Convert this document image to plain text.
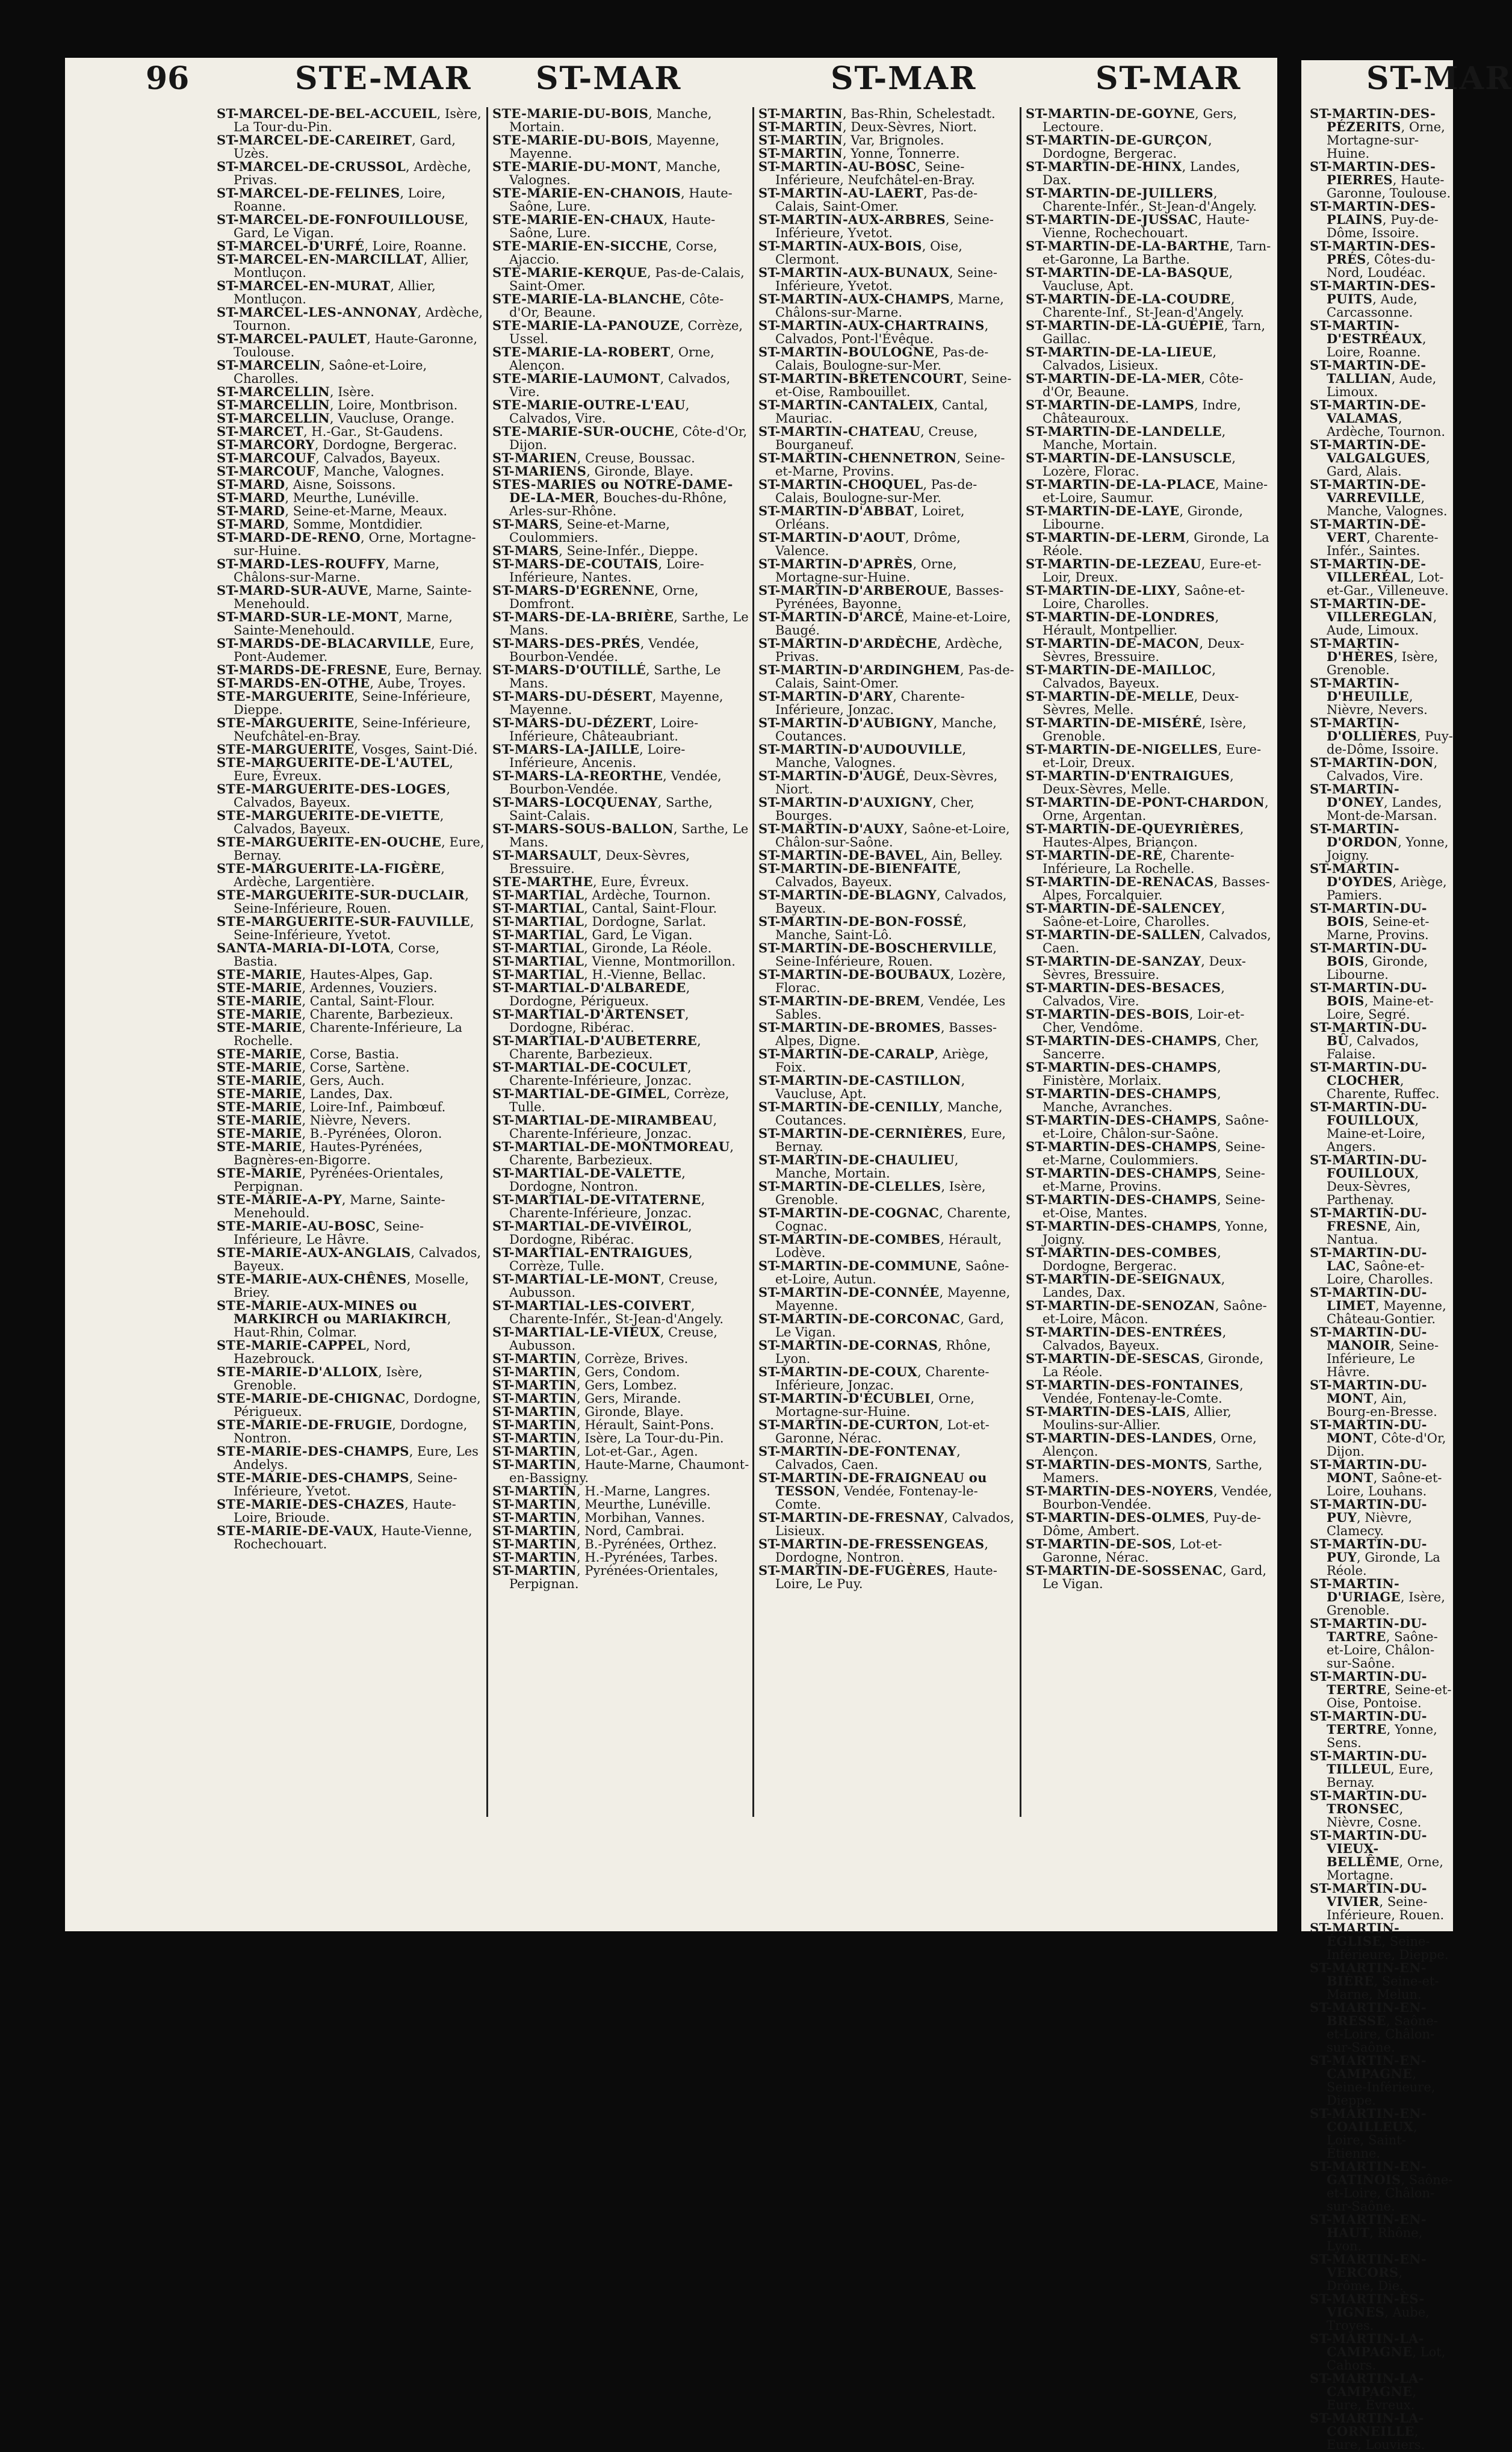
96	STE-MAR ST-MAR	ST-MAR	ST-MAR	ST-MAR

ST-MARCEL-DE-BEL-ACCUEIL, Isère, La Tour-du-Pin.

ST-MARCEL-DE-CAREIRET, Gard, Uzès.

ST-MARCEL-DE-CRUSSOL, Ardèche, Privas.

ST-MARCEL-DE-FELINES, Loire, Roanne.

ST-MARCEL-DE-FONFOUILLOUSE, Gard, Le Vigan.

ST-MARCEL-D'URFÉ, Loire, Roanne.

ST-MARCEL-EN-MARCILLAT, Allier, Montluçon.

ST-MARCEL-EN-MURAT, Allier, Montluçon.

ST-MARCEL-LES-ANNONAY, Ardèche, Tournon.

ST-MARCEL-PAULET, Haute-Garonne, Toulouse.

ST-MARCELIN, Saône-et-Loire, Charolles.

ST-MARCELLIN, Isère.

ST-MARCELLIN, Loire, Montbrison.

ST-MARCELLIN, Vaucluse, Orange.

ST-MARCET, H.-Gar., St-Gaudens.

ST-MARCORY, Dordogne, Bergerac.

ST-MARCOUF, Calvados, Bayeux.

ST-MARCOUF, Manche, Valognes.

ST-MARD, Aisne, Soissons.

ST-MARD, Meurthe, Lunéville.

ST-MARD, Seine-et-Marne, Meaux.

ST-MARD, Somme, Montdidier.

ST-MARD-DE-RENO, Orne, Mortagne-sur-Huine.

ST-MARD-LES-ROUFFY, Marne, Châlons-sur-Marne.

ST-MARD-SUR-AUVE, Marne, Sainte-Menehould.

ST-MARD-SUR-LE-MONT, Marne, Sainte-Menehould.

ST-MARDS-DE-BLACARVILLE, Eure, Pont-Audemer.

ST-MARDS-DE-FRESNE, Eure, Bernay.

ST-MARDS-EN-OTHE, Aube, Troyes.

STE-MARGUERITE, Seine-Inférieure, Dieppe.

STE-MARGUERITE, Seine-Inférieure, Neufchâtel-en-Bray.

STE-MARGUERITE, Vosges, Saint-Dié.

STE-MARGUERITE-DE-L'AUTEL, Eure, Évreux.

STE-MARGUERITE-DES-LOGES, Calvados, Bayeux.

STE-MARGUERITE-DE-VIETTE, Calvados, Bayeux.

STE-MARGUERITE-EN-OUCHE, Eure, Bernay.

STE-MARGUERITE-LA-FIGÈRE, Ardèche, Largentière.

STE-MARGUERITE-SUR-DUCLAIR, Seine-Inférieure, Rouen.

STE-MARGUERITE-SUR-FAUVILLE, Seine-Inférieure, Yvetot.

SANTA-MARIA-DI-LOTA, Corse, Bastia.

STE-MARIE, Hautes-Alpes, Gap.

STE-MARIE, Ardennes, Vouziers.

STE-MARIE, Cantal, Saint-Flour.

STE-MARIE, Charente, Barbezieux.

STE-MARIE, Charente-Inférieure, La Rochelle.

STE-MARIE, Corse, Bastia.

STE-MARIE, Corse, Sartène.

STE-MARIE, Gers, Auch.

STE-MARIE, Landes, Dax.

STE-MARIE, Loire-Inf., Paimbœuf.

STE-MARIE, Nièvre, Nevers.

STE-MARIE, B.-Pyrénées, Oloron.

STE-MARIE, Hautes-Pyrénées, Bagnères-en-Bigorre.

STE-MARIE, Pyrénées-Orientales, Perpignan.

STE-MARIE-A-PY, Marne, Sainte-Menehould.

STE-MARIE-AU-BOSC, Seine-Inférieure, Le Hâvre.

STE-MARIE-AUX-ANGLAIS, Calvados, Bayeux.

STE-MARIE-AUX-CHÊNES, Moselle, Briey.

STE-MARIE-AUX-MINES ou MARKIRCH ou MARIAKIRCH, Haut-Rhin, Colmar.

STE-MARIE-CAPPEL, Nord, Hazebrouck.

STE-MARIE-D'ALLOIX, Isère, Grenoble.

STE-MARIE-DE-CHIGNAC, Dordogne, Périgueux.

STE-MARIE-DE-FRUGIE, Dordogne, Nontron.

STE-MARIE-DES-CHAMPS, Eure, Les Andelys.

STE-MARIE-DES-CHAMPS, Seine-Inférieure, Yvetot.

STE-MARIE-DES-CHAZES, Haute-Loire, Brioude.

STE-MARIE-DE-VAUX, Haute-Vienne, Rochechouart.

STE-MARIE-DU-BOIS, Manche, Mortain.

STE-MARIE-DU-BOIS, Mayenne, Mayenne.

STE-MARIE-DU-MONT, Manche, Valognes.

STE-MARIE-EN-CHANOIS, Haute-Saône, Lure.

STE-MARIE-EN-CHAUX, Haute-Saône, Lure.

STE-MARIE-EN-SICCHE, Corse, Ajaccio.

STE-MARIE-KERQUE, Pas-de-Calais, Saint-Omer.

STE-MARIE-LA-BLANCHE, Côte-d'Or, Beaune.

STE-MARIE-LA-PANOUZE, Corrèze, Ussel.

STE-MARIE-LA-ROBERT, Orne, Alençon.

STE-MARIE-LAUMONT, Calvados, Vire.

STE-MARIE-OUTRE-L'EAU, Calvados, Vire.

STE-MARIE-SUR-OUCHE, Côte-d'Or, Dijon.

ST-MARIEN, Creuse, Boussac.

ST-MARIENS, Gironde, Blaye.

STES-MARIES ou NOTRE-DAME-DE-LA-MER, Bouches-du-Rhône, Arles-sur-Rhône.

ST-MARS, Seine-et-Marne, Coulommiers.

ST-MARS, Seine-Infér., Dieppe.

ST-MARS-DE-COUTAIS, Loire-Inférieure, Nantes.

ST-MARS-D'EGRENNE, Orne, Domfront.

ST-MARS-DE-LA-BRIÈRE, Sarthe, Le Mans.

ST-MARS-DES-PRÉS, Vendée, Bourbon-Vendée.

ST-MARS-D'OUTILLÉ, Sarthe, Le Mans.

ST-MARS-DU-DÉSERT, Mayenne, Mayenne.

ST-MARS-DU-DÉZERT, Loire-Inférieure, Châteaubriant.

ST-MARS-LA-JAILLE, Loire-Inférieure, Ancenis.

ST-MARS-LA-REORTHE, Vendée, Bourbon-Vendée.

ST-MARS-LOCQUENAY, Sarthe, Saint-Calais.

ST-MARS-SOUS-BALLON, Sarthe, Le Mans.

ST-MARSAULT, Deux-Sèvres, Bressuire.

STE-MARTHE, Eure, Évreux.

ST-MARTIAL, Ardèche, Tournon.

ST-MARTIAL, Cantal, Saint-Flour.

ST-MARTIAL, Dordogne, Sarlat.

ST-MARTIAL, Gard, Le Vigan.

ST-MARTIAL, Gironde, La Réole.

ST-MARTIAL, Vienne, Montmorillon.

ST-MARTIAL, H.-Vienne, Bellac.

ST-MARTIAL-D'ALBAREDE, Dordogne, Périgueux.

ST-MARTIAL-D'ARTENSET, Dordogne, Ribérac.

ST-MARTIAL-D'AUBETERRE, Charente, Barbezieux.

ST-MARTIAL-DE-COCULET, Charente-Inférieure, Jonzac.

ST-MARTIAL-DE-GIMEL, Corrèze, Tulle.

ST-MARTIAL-DE-MIRAMBEAU, Charente-Inférieure, Jonzac.

ST-MARTIAL-DE-MONTMOREAU, Charente, Barbezieux.

ST-MARTIAL-DE-VALETTE, Dordogne, Nontron.

ST-MARTIAL-DE-VITATERNE, Charente-Inférieure, Jonzac.

ST-MARTIAL-DE-VIVEIROL, Dordogne, Ribérac.

ST-MARTIAL-ENTRAIGUES, Corrèze, Tulle.

ST-MARTIAL-LE-MONT, Creuse, Aubusson.

ST-MARTIAL-LES-COIVERT, Charente-Infér., St-Jean-d'Angely.

ST-MARTIAL-LE-VIEUX, Creuse, Aubusson.

ST-MARTIN, Corrèze, Brives.

ST-MARTIN, Gers, Condom.

ST-MARTIN, Gers, Lombez.

ST-MARTIN, Gers, Mirande.

ST-MARTIN, Gironde, Blaye.

ST-MARTIN, Hérault, Saint-Pons.

ST-MARTIN, Isère, La Tour-du-Pin.

ST-MARTIN, Lot-et-Gar., Agen.

ST-MARTIN, Haute-Marne, Chaumont-en-Bassigny.

ST-MARTIN, H.-Marne, Langres.

ST-MARTIN, Meurthe, Lunéville.

ST-MARTIN, Morbihan, Vannes.

ST-MARTIN, Nord, Cambrai.

ST-MARTIN, B.-Pyrénées, Orthez.

ST-MARTIN, H.-Pyrénées, Tarbes.

ST-MARTIN, Pyrénées-Orientales, Perpignan.

ST-MARTIN, Bas-Rhin, Schelestadt.

ST-MARTIN, Deux-Sèvres, Niort.

ST-MARTIN, Var, Brignoles.

ST-MARTIN, Yonne, Tonnerre.

ST-MARTIN-AU-BOSC, Seine-Inférieure, Neufchâtel-en-Bray.

ST-MARTIN-AU-LAERT, Pas-de-Calais, Saint-Omer.

ST-MARTIN-AUX-ARBRES, Seine-Inférieure, Yvetot.

ST-MARTIN-AUX-BOIS, Oise, Clermont.

ST-MARTIN-AUX-BUNAUX, Seine-Inférieure, Yvetot.

ST-MARTIN-AUX-CHAMPS, Marne, Châlons-sur-Marne.

ST-MARTIN-AUX-CHARTRAINS, Calvados, Pont-l'Évêque.

ST-MARTIN-BOULOGNE, Pas-de-Calais, Boulogne-sur-Mer.

ST-MARTIN-BRETENCOURT, Seine-et-Oise, Rambouillet.

ST-MARTIN-CANTALEIX, Cantal, Mauriac.

ST-MARTIN-CHATEAU, Creuse, Bourganeuf.

ST-MARTIN-CHENNETRON, Seine-et-Marne, Provins.

ST-MARTIN-CHOQUEL, Pas-de-Calais, Boulogne-sur-Mer.

ST-MARTIN-D'ABBAT, Loiret, Orléans.

ST-MARTIN-D'AOUT, Drôme, Valence.

ST-MARTIN-D'APRÈS, Orne, Mortagne-sur-Huine.

ST-MARTIN-D'ARBEROUE, Basses-Pyrénées, Bayonne.

ST-MARTIN-D'ARCÉ, Maine-et-Loire, Baugé.

ST-MARTIN-D'ARDÈCHE, Ardèche, Privas.

ST-MARTIN-D'ARDINGHEM, Pas-de-Calais, Saint-Omer.

ST-MARTIN-D'ARY, Charente-Inférieure, Jonzac.

ST-MARTIN-D'AUBIGNY, Manche, Coutances.

ST-MARTIN-D'AUDOUVILLE, Manche, Valognes.

ST-MARTIN-D'AUGÉ, Deux-Sèvres, Niort.

ST-MARTIN-D'AUXIGNY, Cher, Bourges.

ST-MARTIN-D'AUXY, Saône-et-Loire, Châlon-sur-Saône.

ST-MARTIN-DE-BAVEL, Ain, Belley.

ST-MARTIN-DE-BIENFAITE, Calvados, Bayeux.

ST-MARTIN-DE-BLAGNY, Calvados, Bayeux.

ST-MARTIN-DE-BON-FOSSÉ, Manche, Saint-Lô.

ST-MARTIN-DE-BOSCHERVILLE, Seine-Inférieure, Rouen.

ST-MARTIN-DE-BOUBAUX, Lozère, Florac.

ST-MARTIN-DE-BREM, Vendée, Les Sables.

ST-MARTIN-DE-BROMES, Basses-Alpes, Digne.

ST-MARTIN-DE-CARALP, Ariège, Foix.

ST-MARTIN-DE-CASTILLON, Vaucluse, Apt.

ST-MARTIN-DE-CENILLY, Manche, Coutances.

ST-MARTIN-DE-CERNIÈRES, Eure, Bernay.

ST-MARTIN-DE-CHAULIEU, Manche, Mortain.

ST-MARTIN-DE-CLELLES, Isère, Grenoble.

ST-MARTIN-DE-COGNAC, Charente, Cognac.

ST-MARTIN-DE-COMBES, Hérault, Lodève.

ST-MARTIN-DE-COMMUNE, Saône-et-Loire, Autun.

ST-MARTIN-DE-CONNÉE, Mayenne, Mayenne.

ST-MARTIN-DE-CORCONAC, Gard, Le Vigan.

ST-MARTIN-DE-CORNAS, Rhône, Lyon.

ST-MARTIN-DE-COUX, Charente-Inférieure, Jonzac.

ST-MARTIN-D'ÉCUBLEI, Orne, Mortagne-sur-Huine.

ST-MARTIN-DE-CURTON, Lot-et-Garonne, Nérac.

ST-MARTIN-DE-FONTENAY, Calvados, Caen.

ST-MARTIN-DE-FRAIGNEAU ou TESSON, Vendée, Fontenay-le-Comte.

ST-MARTIN-DE-FRESNAY, Calvados, Lisieux.

ST-MARTIN-DE-FRESSENGEAS, Dordogne, Nontron.

ST-MARTIN-DE-FUGÈRES, Haute-Loire, Le Puy.

ST-MARTIN-DE-GOYNE, Gers, Lectoure.

ST-MARTIN-DE-GURÇON, Dordogne, Bergerac.

ST-MARTIN-DE-HINX, Landes, Dax.

ST-MARTIN-DE-JUILLERS, Charente-Infér., St-Jean-d'Angely.

ST-MARTIN-DE-JUSSAC, Haute-Vienne, Rochechouart.

ST-MARTIN-DE-LA-BARTHE, Tarn-et-Garonne, La Barthe.

ST-MARTIN-DE-LA-BASQUE, Vaucluse, Apt.

ST-MARTIN-DE-LA-COUDRE, Charente-Inf., St-Jean-d'Angely.

ST-MARTIN-DE-LA-GUÉPIE, Tarn, Gaillac.

ST-MARTIN-DE-LA-LIEUE, Calvados, Lisieux.

ST-MARTIN-DE-LA-MER, Côte-d'Or, Beaune.

ST-MARTIN-DE-LAMPS, Indre, Châteauroux.

ST-MARTIN-DE-LANDELLE, Manche, Mortain.

ST-MARTIN-DE-LANSUSCLE, Lozère, Florac.

ST-MARTIN-DE-LA-PLACE, Maine-et-Loire, Saumur.

ST-MARTIN-DE-LAYE, Gironde, Libourne.

ST-MARTIN-DE-LERM, Gironde, La Réole.

ST-MARTIN-DE-LEZEAU, Eure-et-Loir, Dreux.

ST-MARTIN-DE-LIXY, Saône-et-Loire, Charolles.

ST-MARTIN-DE-LONDRES, Hérault, Montpellier.

ST-MARTIN-DE-MACON, Deux-Sèvres, Bressuire.

ST-MARTIN-DE-MAILLOC, Calvados, Bayeux.

ST-MARTIN-DE-MELLE, Deux-Sèvres, Melle.

ST-MARTIN-DE-MISÉRÉ, Isère, Grenoble.

ST-MARTIN-DE-NIGELLES, Eure-et-Loir, Dreux.

ST-MARTIN-D'ENTRAIGUES, Deux-Sèvres, Melle.

ST-MARTIN-DE-PONT-CHARDON, Orne, Argentan.

ST-MARTIN-DE-QUEYRIÈRES, Hautes-Alpes, Briançon.

ST-MARTIN-DE-RÉ, Charente-Inférieure, La Rochelle.

ST-MARTIN-DE-RENACAS, Basses-Alpes, Forcalquier.

ST-MARTIN-DE-SALENCEY, Saône-et-Loire, Charolles.

ST-MARTIN-DE-SALLEN, Calvados, Caen.

ST-MARTIN-DE-SANZAY, Deux-Sèvres, Bressuire.

ST-MARTIN-DES-BESACES, Calvados, Vire.

ST-MARTIN-DES-BOIS, Loir-et-Cher, Vendôme.

ST-MARTIN-DES-CHAMPS, Cher, Sancerre.

ST-MARTIN-DES-CHAMPS, Finistère, Morlaix.

ST-MARTIN-DES-CHAMPS, Manche, Avranches.

ST-MARTIN-DES-CHAMPS, Saône-et-Loire, Châlon-sur-Saône.

ST-MARTIN-DES-CHAMPS, Seine-et-Marne, Coulommiers.

ST-MARTIN-DES-CHAMPS, Seine-et-Marne, Provins.

ST-MARTIN-DES-CHAMPS, Seine-et-Oise, Mantes.

ST-MARTIN-DES-CHAMPS, Yonne, Joigny.

ST-MARTIN-DES-COMBES, Dordogne, Bergerac.

ST-MARTIN-DE-SEIGNAUX, Landes, Dax.

ST-MARTIN-DE-SENOZAN, Saône-et-Loire, Mâcon.

ST-MARTIN-DES-ENTRÉES, Calvados, Bayeux.

ST-MARTIN-DE-SESCAS, Gironde, La Réole.

ST-MARTIN-DES-FONTAINES, Vendée, Fontenay-le-Comte.

ST-MARTIN-DES-LAIS, Allier, Moulins-sur-Allier.

ST-MARTIN-DES-LANDES, Orne, Alençon.

ST-MARTIN-DES-MONTS, Sarthe, Mamers.

ST-MARTIN-DES-NOYERS, Vendée, Bourbon-Vendée.

ST-MARTIN-DES-OLMES, Puy-de-Dôme, Ambert.

ST-MARTIN-DE-SOS, Lot-et-Garonne, Nérac.

ST-MARTIN-DE-SOSSENAC, Gard, Le Vigan.

ST-MARTIN-DES-PÉZERITS, Orne, Mortagne-sur-Huine.

ST-MARTIN-DES-PIERRES, Haute-Garonne, Toulouse.

ST-MARTIN-DES-PLAINS, Puy-de-Dôme, Issoire.

ST-MARTIN-DES-PRÉS, Côtes-du-Nord, Loudéac.

ST-MARTIN-DES-PUITS, Aude, Carcassonne.

ST-MARTIN-D'ESTRÉAUX, Loire, Roanne.

ST-MARTIN-DE-TALLIAN, Aude, Limoux.

ST-MARTIN-DE-VALAMAS, Ardèche, Tournon.

ST-MARTIN-DE-VALGALGUES, Gard, Alais.

ST-MARTIN-DE-VARREVILLE, Manche, Valognes.

ST-MARTIN-DE-VERT, Charente-Infér., Saintes.

ST-MARTIN-DE-VILLERÉAL, Lot-et-Gar., Villeneuve.

ST-MARTIN-DE-VILLEREGLAN, Aude, Limoux.

ST-MARTIN-D'HÈRES, Isère, Grenoble.

ST-MARTIN-D'HEUILLE, Nièvre, Nevers.

ST-MARTIN-D'OLLIÈRES, Puy-de-Dôme, Issoire.

ST-MARTIN-DON, Calvados, Vire.

ST-MARTIN-D'ONEY, Landes, Mont-de-Marsan.

ST-MARTIN-D'ORDON, Yonne, Joigny.

ST-MARTIN-D'OYDES, Ariège, Pamiers.

ST-MARTIN-DU-BOIS, Seine-et-Marne, Provins.

ST-MARTIN-DU-BOIS, Gironde, Libourne.

ST-MARTIN-DU-BOIS, Maine-et-Loire, Segré.

ST-MARTIN-DU-BÛ, Calvados, Falaise.

ST-MARTIN-DU-CLOCHER, Charente, Ruffec.

ST-MARTIN-DU-FOUILLOUX, Maine-et-Loire, Angers.

ST-MARTIN-DU-FOUILLOUX, Deux-Sèvres, Parthenay.

ST-MARTIN-DU-FRESNE, Ain, Nantua.

ST-MARTIN-DU-LAC, Saône-et-Loire, Charolles.

ST-MARTIN-DU-LIMET, Mayenne, Château-Gontier.

ST-MARTIN-DU-MANOIR, Seine-Inférieure, Le Hâvre.

ST-MARTIN-DU-MONT, Ain, Bourg-en-Bresse.

ST-MARTIN-DU-MONT, Côte-d'Or, Dijon.

ST-MARTIN-DU-MONT, Saône-et-Loire, Louhans.

ST-MARTIN-DU-PUY, Nièvre, Clamecy.

ST-MARTIN-DU-PUY, Gironde, La Réole.

ST-MARTIN-D'URIAGE, Isère, Grenoble.

ST-MARTIN-DU-TARTRE, Saône-et-Loire, Châlon-sur-Saône.

ST-MARTIN-DU-TERTRE, Seine-et-Oise, Pontoise.

ST-MARTIN-DU-TERTRE, Yonne, Sens.

ST-MARTIN-DU-TILLEUL, Eure, Bernay.

ST-MARTIN-DU-TRONSEC, Nièvre, Cosne.

ST-MARTIN-DU-VIEUX-BELLÊME, Orne, Mortagne.

ST-MARTIN-DU-VIVIER, Seine-Inférieure, Rouen.

ST-MARTIN-ÉGLISE, Seine-Inférieure, Dieppe.

ST-MARTIN-EN-BIÈRE, Seine-et-Marne, Melun.

ST-MARTIN-EN-BRESSE, Saône-et-Loire, Châlon-sur-Saône.

ST-MARTIN-EN-CAMPAGNE, Seine-Inférieure, Dieppe.

ST-MARTIN-EN-COAILLEUX, Loire, Saint-Étienne.

ST-MARTIN-EN-GATINOIS, Saône-et-Loire, Châlon-sur-Saône.

ST-MARTIN-EN-HAUT, Rhône, Lyon.

ST-MARTIN-EN-VERCORS, Drôme, Die.

ST-MARTIN-ÈS-VIGNES, Aube, Troyes.

ST-MARTIN-LA-CAMPAGNE, Lot, Cahors.

ST-MARTIN-LA-CAMPAGNE, Eure, Évreux.

ST-MARTIN-LA-CORNEILLE, Eure, Louviers.
